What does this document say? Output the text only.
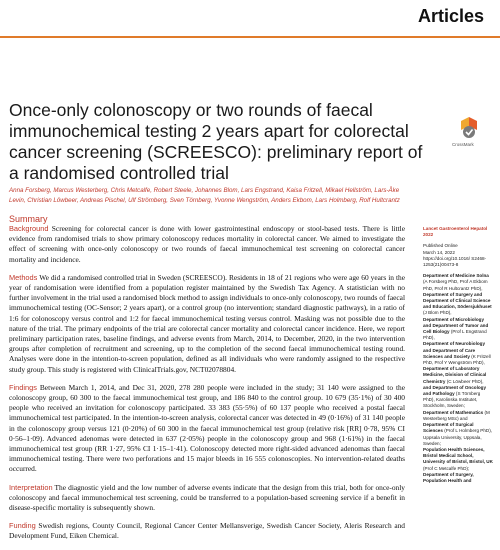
Articles
Once-only colonoscopy or two rounds of faecal immunochemical testing 2 years apart for colorectal cancer screening (SCREESCO): preliminary report of a randomised controlled trial
CrossMark
Anna Forsberg, Marcus Westerberg, Chris Metcalfe, Robert Steele, Johannes Blom, Lars Engstrand, Kaisa Fritzell, Mikael Hellström, Lars-Åke Levin, Christian Löwbeer, Andreas Pischel, Ulf Strömberg, Sven Törnberg, Yvonne Wengström, Anders Ekbom, Lars Holmberg, Rolf Hultcrantz
Summary

Background Screening for colorectal cancer is done with lower gastrointestinal endoscopy or stool-based tests. There is little evidence from randomised trials to show primary colonoscopy reduces mortality in colorectal cancer. We aimed to investigate the effect of screening with once-only colonoscopy or two rounds of faecal immunochemical test screening on colorectal cancer mortality and incidence.

Methods We did a randomised controlled trial in Sweden (SCREESCO). Residents in 18 of 21 regions who were age 60 years in the year of randomisation were identified from a population register maintained by the Swedish Tax Agency. A statistician with no further involvement in the trial used a randomised block method to assign individuals to once-only colonoscopy, two rounds of faecal immunochemical testing (OC-Sensor; 2 years apart), or a control group (no intervention; standard diagnostic pathways), in a ratio of 1:6 for colonoscopy versus control and 1:2 for faecal immunochemical testing versus control. Masking was not possible due to the nature of the trial. The primary endpoints of the trial are colorectal cancer mortality and colorectal cancer incidence. Here, we report preliminary participation rates, baseline findings, and adverse events from March, 2014, to December, 2020, in the two intervention groups after completion of recruitment and screening, up to the completion of the second faecal immunochemical testing round. Analyses were done in the intention-to-screen population, defined as all individuals who were randomly assigned to the respective study group. This study is registered with ClinicalTrials.gov, NCT02078804.

Findings Between March 1, 2014, and Dec 31, 2020, 278 280 people were included in the study; 31 140 were assigned to the colonoscopy group, 60 300 to the faecal immunochemical test group, and 186 840 to the control group. 10 679 (35·1%) of 30 400 people who received an invitation for colonoscopy participated. 33 383 (55·5%) of 60 137 people who received a postal faecal immunochemical test participated. In the intention-to-screen analysis, colorectal cancer was detected in 49 (0·16%) of 31 140 people in the colonoscopy group versus 121 (0·20%) of 60 300 in the faecal immunochemical test group (relative risk [RR] 0·78, 95% CI 0·56–1·09). Advanced adenomas were detected in 637 (2·05%) people in the colonoscopy group and 968 (1·61%) in the faecal immunochemical test group (RR 1·27, 95% CI 1·15–1·41). Colonoscopy detected more right-sided advanced adenomas than faecal immunochemical testing. There were two perforations and 15 major bleeds in 16 555 colonoscopies. No intervention-related deaths occurred.

Interpretation The diagnostic yield and the low number of adverse events indicate that the design from this trial, both for once-only colonoscopy and faecal immunochemical test screening, could be transferred to a population-based screening service if a benefit in disease-specific mortality is subsequently shown.

Funding Swedish regions, County Council, Regional Cancer Center Mellansverige, Swedish Cancer Society, Aleris Research and Development Fund, Eiken Chemical.

Lancet Gastroenterol Hepatol 2022
Published Online
March 14, 2022
https://doi.org/10.1016/ S2468-1253(21)00473-8
Department of Medicine Solna (A Forsberg PhD, Prof A Ekbom PhD, Prof R Hultcrantz PhD),
Department of Surgery and Department of Clinical Science and Education, Södersjukhuset (J Blom PhD),
Department of Microbiology and Department of Tumor and Cell Biology (Prof L Engstrand PhD),
Department of Neurobiology and Department of Care Sciences and Society (K Fritzell PhD, Prof Y Wengström PhD),
Department of Laboratory Medicine, Division of Clinical Chemistry (C Löwbeer PhD),
and Department of Oncology and Pathology (S Törnberg PhD), Karolinska Institutet, Stockholm, Sweden;
Department of Mathematics (M Westerberg MSc) and
Department of Surgical Sciences (Prof L Holmberg PhD), Uppsala University, Uppsala, Sweden;
Population Health Sciences, Bristol Medical School, University of Bristol, Bristol, UK (Prof C Metcalfe PhD);
Department of Surgery, Population Health and
